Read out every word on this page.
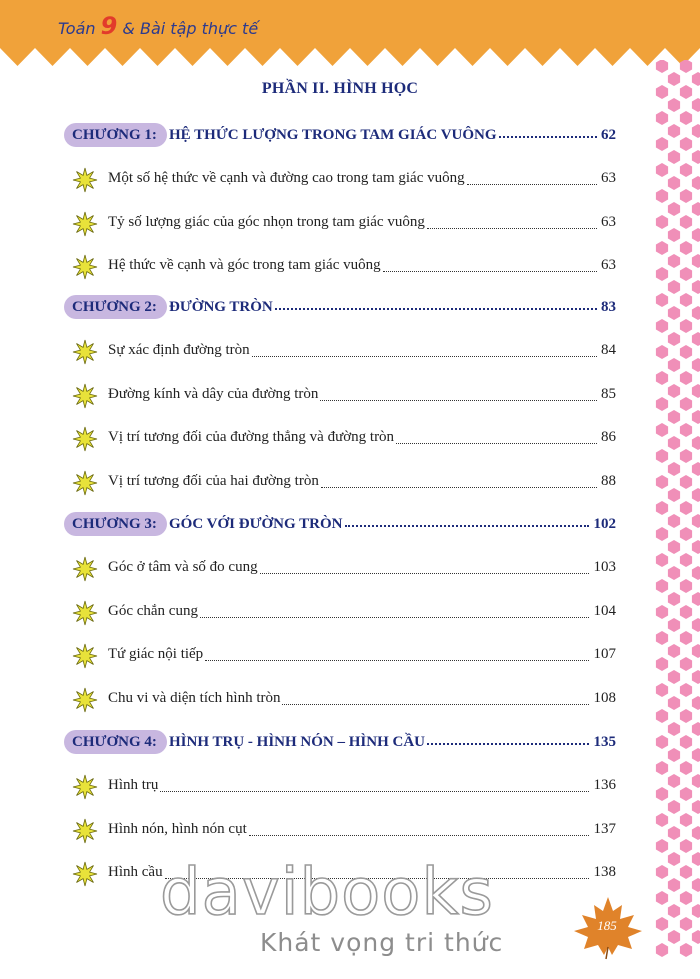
Toán 9 & Bài tập thực tế
PHẦN II. HÌNH HỌC
CHƯƠNG 1: HỆ THỨC LƯỢNG TRONG TAM GIÁC VUÔNG	62
Một số hệ thức về cạnh và đường cao trong tam giác vuông	63
Tỷ số lượng giác của góc nhọn trong tam giác vuông	63
Hệ thức về cạnh và góc trong tam giác vuông	63
CHƯƠNG 2: ĐƯỜNG TRÒN	83
Sự xác định đường tròn	84
Đường kính và dây của đường tròn	85
Vị trí tương đối của đường thẳng và đường tròn	86
Vị trí tương đối của hai đường tròn	88
CHƯƠNG 3: GÓC VỚI ĐƯỜNG TRÒN	102
Góc ở tâm và số đo cung	103
Góc chắn cung	104
Tứ giác nội tiếp	107
Chu vi và diện tích hình tròn	108
CHƯƠNG 4: HÌNH TRỤ - HÌNH NÓN – HÌNH CẦU	135
Hình trụ	136
Hình nón, hình nón cụt	137
Hình cầu	138
davibooks
Khát vọng tri thức
185
